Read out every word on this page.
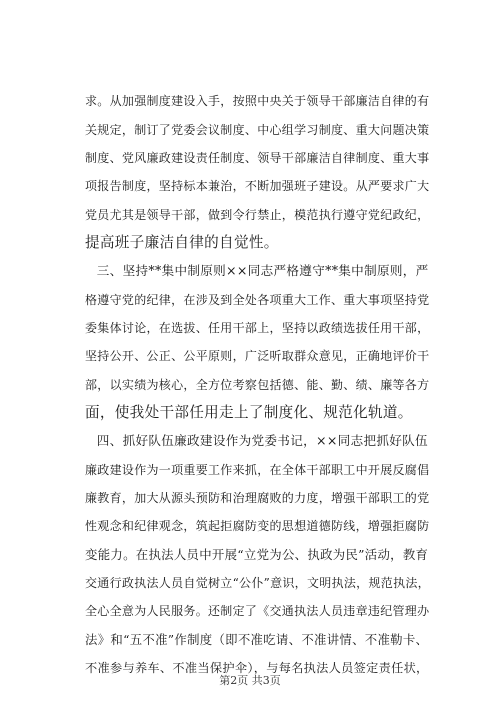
求。从加强制度建设入手，按照中央关于领导干部廉洁自律的有
关规定，制订了党委会议制度、中心组学习制度、重大问题决策
制度、党风廉政建设责任制度、领导干部廉洁自律制度、重大事
项报告制度，坚持标本兼治，不断加强班子建设。从严要求广大
党员尤其是领导干部，做到令行禁止，模范执行遵守党纪政纪，
提高班子廉洁自律的自觉性。
　　三、坚持**集中制原则××同志严格遵守**集中制原则，严
格遵守党的纪律，在涉及到全处各项重大工作、重大事项坚持党
委集体讨论，在选拔、任用干部上，坚持以政绩选拔任用干部，
坚持公开、公正、公平原则，广泛听取群众意见，正确地评价干
部，以实绩为核心，全方位考察包括德、能、勤、绩、廉等各方
面，使我处干部任用走上了制度化、规范化轨道。
　　四、抓好队伍廉政建设作为党委书记，××同志把抓好队伍
廉政建设作为一项重要工作来抓，在全体干部职工中开展反腐倡
廉教育，加大从源头预防和治理腐败的力度，增强干部职工的党
性观念和纪律观念，筑起拒腐防变的思想道德防线，增强拒腐防
变能力。在执法人员中开展“立党为公、执政为民”活动，教育
交通行政执法人员自觉树立“公仆”意识，文明执法，规范执法，
全心全意为人民服务。还制定了《交通执法人员违章违纪管理办
法》和“五不准”作制度（即不准吃请、不准讲情、不准勒卡、
不准参与养车、不准当保护伞），与每名执法人员签定责任状，
第2页 共3页
